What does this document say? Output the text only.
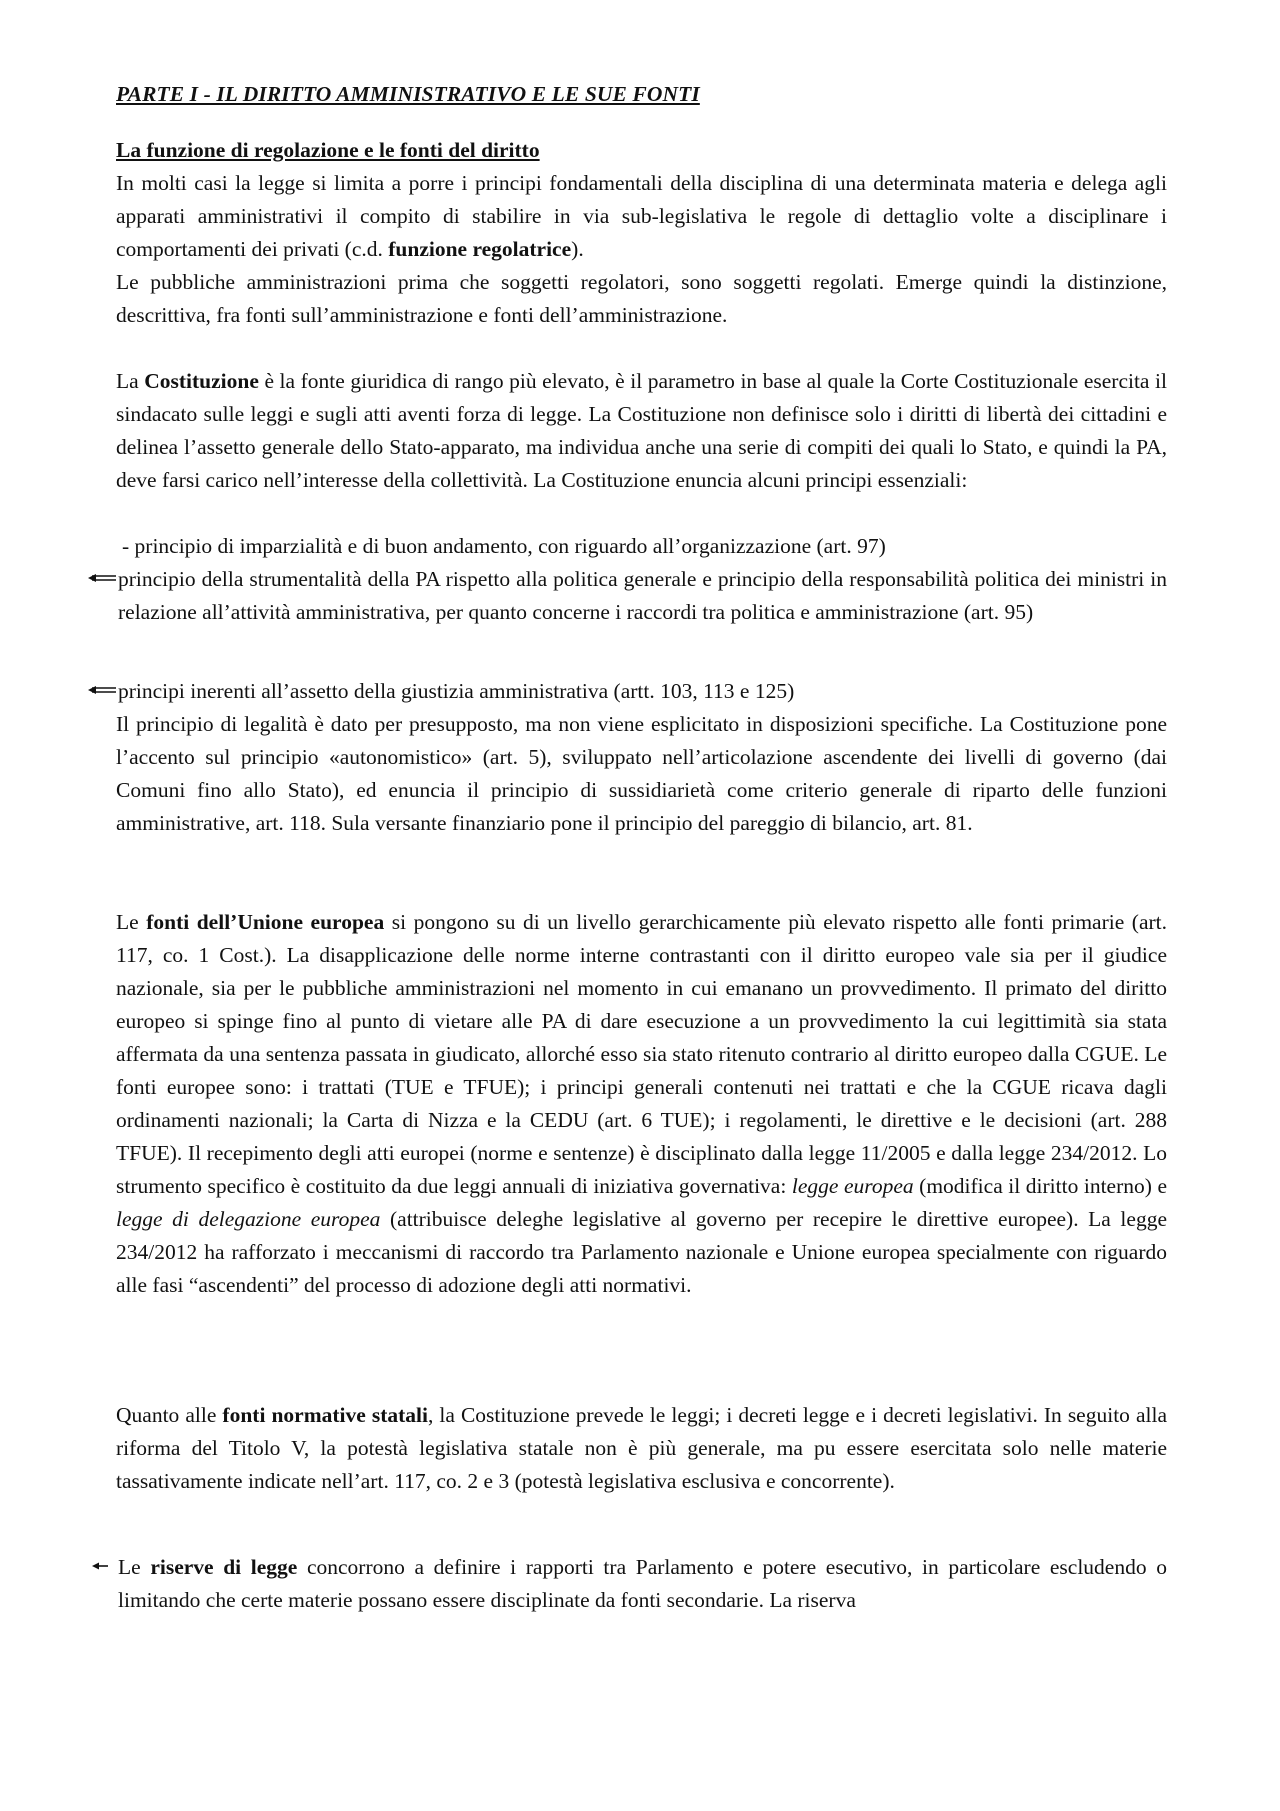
PARTE I - IL DIRITTO AMMINISTRATIVO E LE SUE FONTI
La funzione di regolazione e le fonti del diritto

In molti casi la legge si limita a porre i principi fondamentali della disciplina di una determinata materia e delega agli apparati amministrativi il compito di stabilire in via sub-legislativa le regole di dettaglio volte a disciplinare i comportamenti dei privati (c.d. funzione regolatrice).

Le pubbliche amministrazioni prima che soggetti regolatori, sono soggetti regolati. Emerge quindi la distinzione, descrittiva, fra fonti sull’amministrazione e fonti dell’amministrazione.

La Costituzione è la fonte giuridica di rango più elevato, è il parametro in base al quale la Corte Costituzionale esercita il sindacato sulle leggi e sugli atti aventi forza di legge. La Costituzione non definisce solo i diritti di libertà dei cittadini e delinea l’assetto generale dello Stato-apparato, ma individua anche una serie di compiti dei quali lo Stato, e quindi la PA, deve farsi carico nell’interesse della collettività. La Costituzione enuncia alcuni principi essenziali:

- principio di imparzialità e di buon andamento, con riguardo all’organizzazione (art. 97)

principio della strumentalità della PA rispetto alla politica generale e principio della responsabilità politica dei ministri in relazione all’attività amministrativa, per quanto concerne i raccordi tra politica e amministrazione (art. 95)
principi inerenti all’assetto della giustizia amministrativa (artt. 103, 113 e 125)

Il principio di legalità è dato per presupposto, ma non viene esplicitato in disposizioni specifiche. La Costituzione pone l’accento sul principio «autonomistico» (art. 5), sviluppato nell’articolazione ascendente dei livelli di governo (dai Comuni fino allo Stato), ed enuncia il principio di sussidiarietà come criterio generale di riparto delle funzioni amministrative, art. 118. Sula versante finanziario pone il principio del pareggio di bilancio, art. 81.

Le fonti dell’Unione europea si pongono su di un livello gerarchicamente più elevato rispetto alle fonti primarie (art. 117, co. 1 Cost.). La disapplicazione delle norme interne contrastanti con il diritto europeo vale sia per il giudice nazionale, sia per le pubbliche amministrazioni nel momento in cui emanano un provvedimento. Il primato del diritto europeo si spinge fino al punto di vietare alle PA di dare esecuzione a un provvedimento la cui legittimità sia stata affermata da una sentenza passata in giudicato, allorché esso sia stato ritenuto contrario al diritto europeo dalla CGUE. Le fonti europee sono: i trattati (TUE e TFUE); i principi generali contenuti nei trattati e che la CGUE ricava dagli ordinamenti nazionali; la Carta di Nizza e la CEDU (art. 6 TUE); i regolamenti, le direttive e le decisioni (art. 288 TFUE). Il recepimento degli atti europei (norme e sentenze) è disciplinato dalla legge 11/2005 e dalla legge 234/2012. Lo strumento specifico è costituito da due leggi annuali di iniziativa governativa: legge europea (modifica il diritto interno) e legge di delegazione europea (attribuisce deleghe legislative al governo per recepire le direttive europee). La legge 234/2012 ha rafforzato i meccanismi di raccordo tra Parlamento nazionale e Unione europea specialmente con riguardo alle fasi “ascendenti” del processo di adozione degli atti normativi.

Quanto alle fonti normative statali, la Costituzione prevede le leggi; i decreti legge e i decreti legislativi. In seguito alla riforma del Titolo V, la potestà legislativa statale non è più generale, ma pu essere esercitata solo nelle materie tassativamente indicate nell’art. 117, co. 2 e 3 (potestà legislativa esclusiva e concorrente).

Le riserve di legge concorrono a definire i rapporti tra Parlamento e potere esecutivo, in particolare escludendo o limitando che certe materie possano essere disciplinate da fonti secondarie. La riserva
